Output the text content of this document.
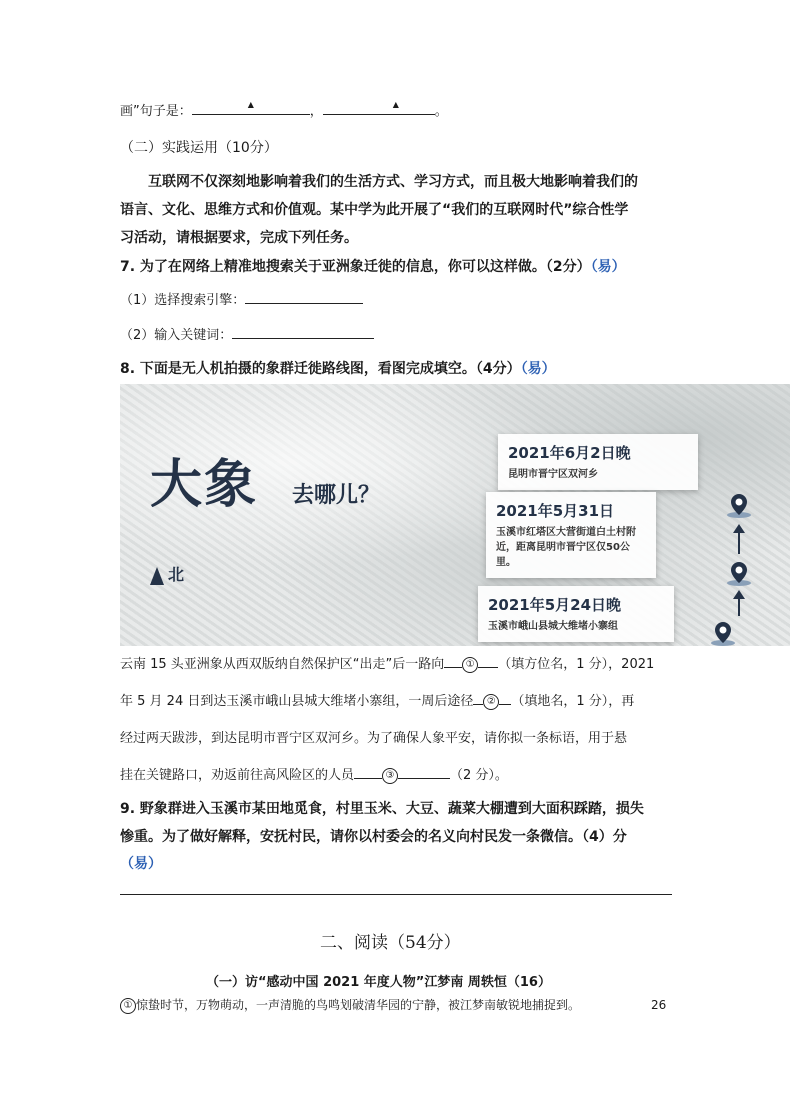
画”句子是：	▲	，	▲	。
（二）实践运用（10分）
互联网不仅深刻地影响着我们的生活方式、学习方式，而且极大地影响着我们的
语言、文化、思维方式和价值观。某中学为此开展了“我们的互联网时代”综合性学
习活动，请根据要求，完成下列任务。
7. 为了在网络上精准地搜索关于亚洲象迁徙的信息，你可以这样做。（2分）（易）
（1）选择搜索引擎：
（2）输入关键词：
8. 下面是无人机拍摄的象群迁徙路线图，看图完成填空。（4分）（易）
大象 去哪儿？
北
2021年6月2日晚
昆明市晋宁区双河乡
2021年5月31日
玉溪市红塔区大营街道白土村附近，距离昆明市晋宁区仅50公里。
2021年5月24日晚
玉溪市峨山县城大维堵小寨组
云南 15 头亚洲象从西双版纳自然保护区“出走”后一路向 ① （填方位名，1 分），2021
年 5 月 24 日到达玉溪市峨山县城大维堵小寨组，一周后途径 ② （填地名，1 分），再
经过两天跋涉，到达昆明市晋宁区双河乡。为了确保人象平安，请你拟一条标语，用于悬
挂在关键路口，劝返前往高风险区的人员	③	（2 分）。
9. 野象群进入玉溪市某田地觅食，村里玉米、大豆、蔬菜大棚遭到大面积踩踏，损失
惨重。为了做好解释，安抚村民，请你以村委会的名义向村民发一条微信。（4）分
（易）
二、阅读（54分）
（一）访“感动中国 2021 年度人物”江梦南 周轶恒（16）
① 惊蛰时节，万物萌动，一声清脆的鸟鸣划破清华园的宁静，被江梦南敏锐地捕捉到。	26
